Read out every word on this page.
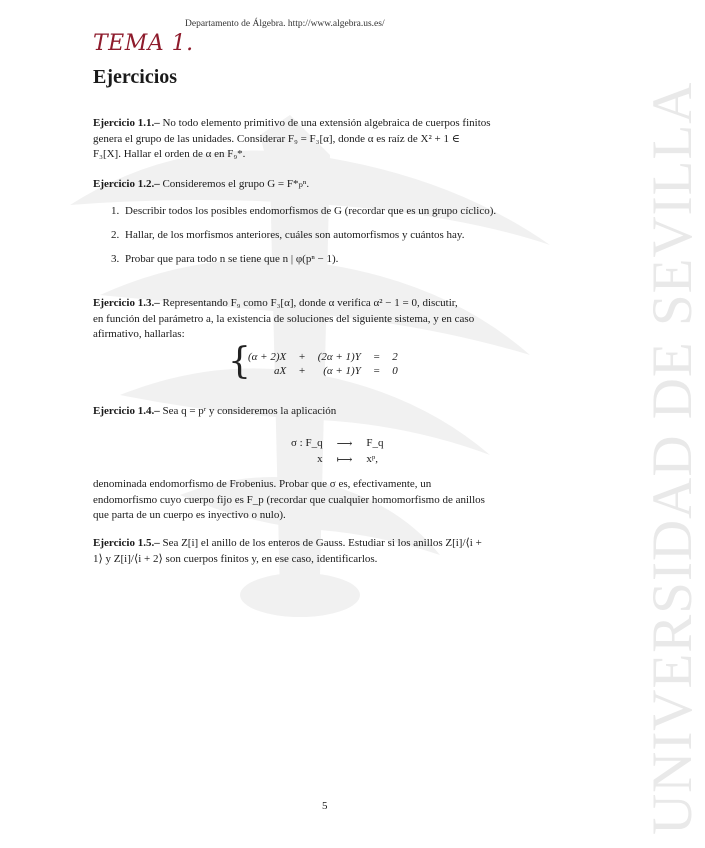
UNIVERSIDAD DE SEVILLA
Departamento de Álgebra. http://www.algebra.us.es/
TEMA 1.
Ejercicios
Ejercicio 1.1.– No todo elemento primitivo de una extensión algebraica de cuerpos finitos
genera el grupo de las unidades. Considerar F₉ = F₃[α], donde α es raíz de X² + 1 ∈
F₃[X]. Hallar el orden de α en F₉*.
Ejercicio 1.2.– Consideremos el grupo G = F*ₚⁿ.
1. Describir todos los posibles endomorfismos de G (recordar que es un grupo cíclico).
2. Hallar, de los morfismos anteriores, cuáles son automorfismos y cuántos hay.
3. Probar que para todo n se tiene que n | φ(pⁿ − 1).
Ejercicio 1.3.– Representando F₉ como F₃[α], donde α verifica α² − 1 = 0, discutir,
en función del parámetro a, la existencia de soluciones del siguiente sistema, y en caso
afirmativo, hallarlas:
{
(α + 2)X	+	(2α + 1)Y	=	2
aX	+	(α + 1)Y	=	0
Ejercicio 1.4.– Sea q = pʳ y consideremos la aplicación
σ : F_q	⟶	F_q
x	⟼	xᵖ,
denominada endomorfismo de Frobenius. Probar que σ es, efectivamente, un
endomorfismo cuyo cuerpo fijo es F_p (recordar que cualquier homomorfismo de anillos
que parta de un cuerpo es inyectivo o nulo).
Ejercicio 1.5.– Sea Z[i] el anillo de los enteros de Gauss. Estudiar si los anillos Z[i]/⟨i +
1⟩ y Z[i]/⟨i + 2⟩ son cuerpos finitos y, en ese caso, identificarlos.
5
